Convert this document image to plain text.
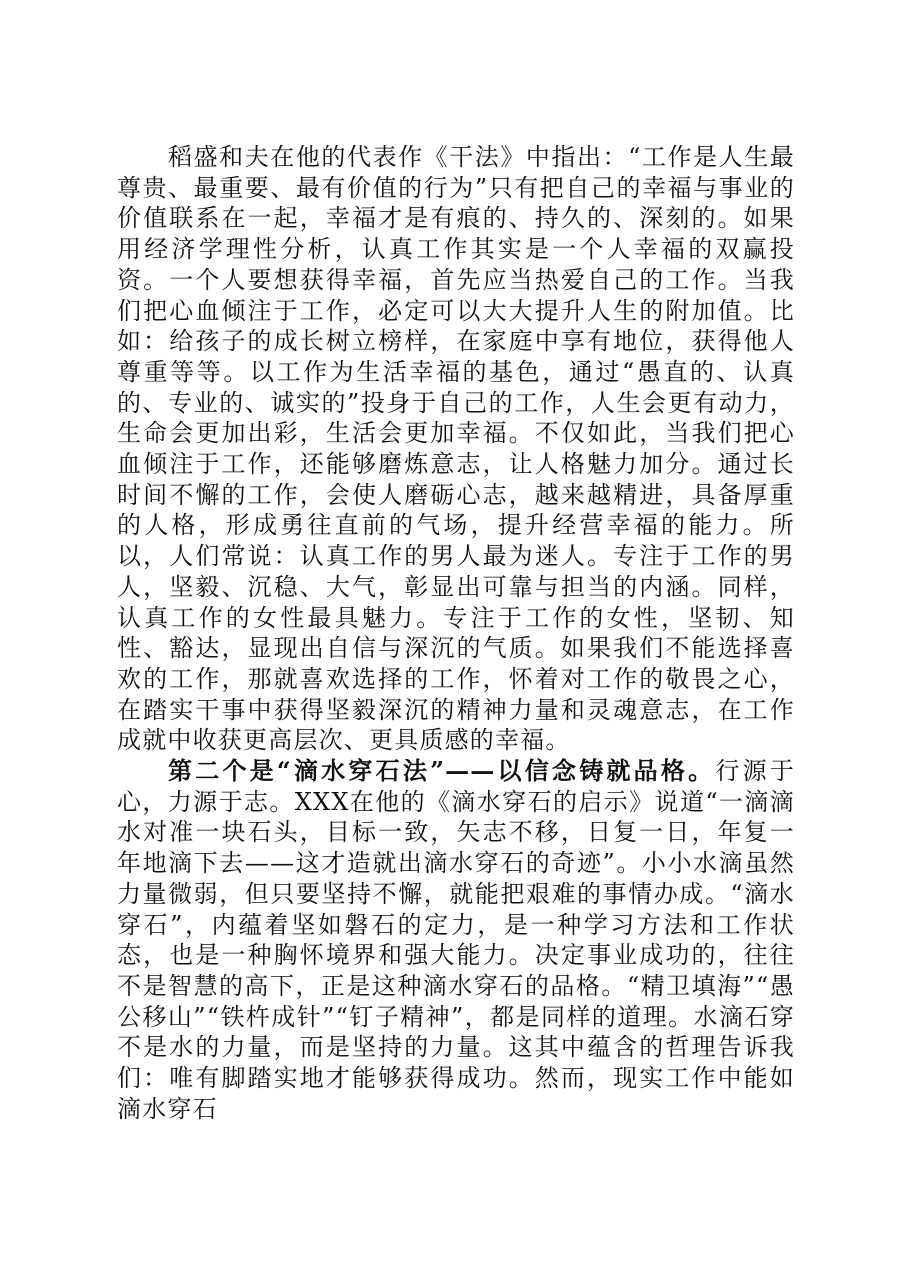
稻盛和夫在他的代表作《干法》中指出：“工作是人生最尊贵、最重要、最有价值的行为”只有把自己的幸福与事业的价值联系在一起，幸福才是有痕的、持久的、深刻的。如果用经济学理性分析，认真工作其实是一个人幸福的双赢投资。一个人要想获得幸福，首先应当热爱自己的工作。当我们把心血倾注于工作，必定可以大大提升人生的附加值。比如：给孩子的成长树立榜样，在家庭中享有地位，获得他人尊重等等。以工作为生活幸福的基色，通过“愚直的、认真的、专业的、诚实的”投身于自己的工作，人生会更有动力，生命会更加出彩，生活会更加幸福。不仅如此，当我们把心血倾注于工作，还能够磨炼意志，让人格魅力加分。通过长时间不懈的工作，会使人磨砺心志，越来越精进，具备厚重的人格，形成勇往直前的气场，提升经营幸福的能力。所以，人们常说：认真工作的男人最为迷人。专注于工作的男人，坚毅、沉稳、大气，彰显出可靠与担当的内涵。同样，认真工作的女性最具魅力。专注于工作的女性，坚韧、知性、豁达，显现出自信与深沉的气质。如果我们不能选择喜欢的工作，那就喜欢选择的工作，怀着对工作的敬畏之心，在踏实干事中获得坚毅深沉的精神力量和灵魂意志，在工作成就中收获更高层次、更具质感的幸福。

第二个是“滴水穿石法”——以信念铸就品格。行源于心，力源于志。XXX在他的《滴水穿石的启示》说道“一滴滴水对准一块石头，目标一致，矢志不移，日复一日，年复一年地滴下去——这才造就出滴水穿石的奇迹”。小小水滴虽然力量微弱，但只要坚持不懈，就能把艰难的事情办成。“滴水穿石”，内蕴着坚如磐石的定力，是一种学习方法和工作状态，也是一种胸怀境界和强大能力。决定事业成功的，往往不是智慧的高下，正是这种滴水穿石的品格。“精卫填海”“愚公移山”“铁杵成针”“钉子精神”，都是同样的道理。水滴石穿不是水的力量，而是坚持的力量。这其中蕴含的哲理告诉我们：唯有脚踏实地才能够获得成功。然而，现实工作中能如滴水穿石
